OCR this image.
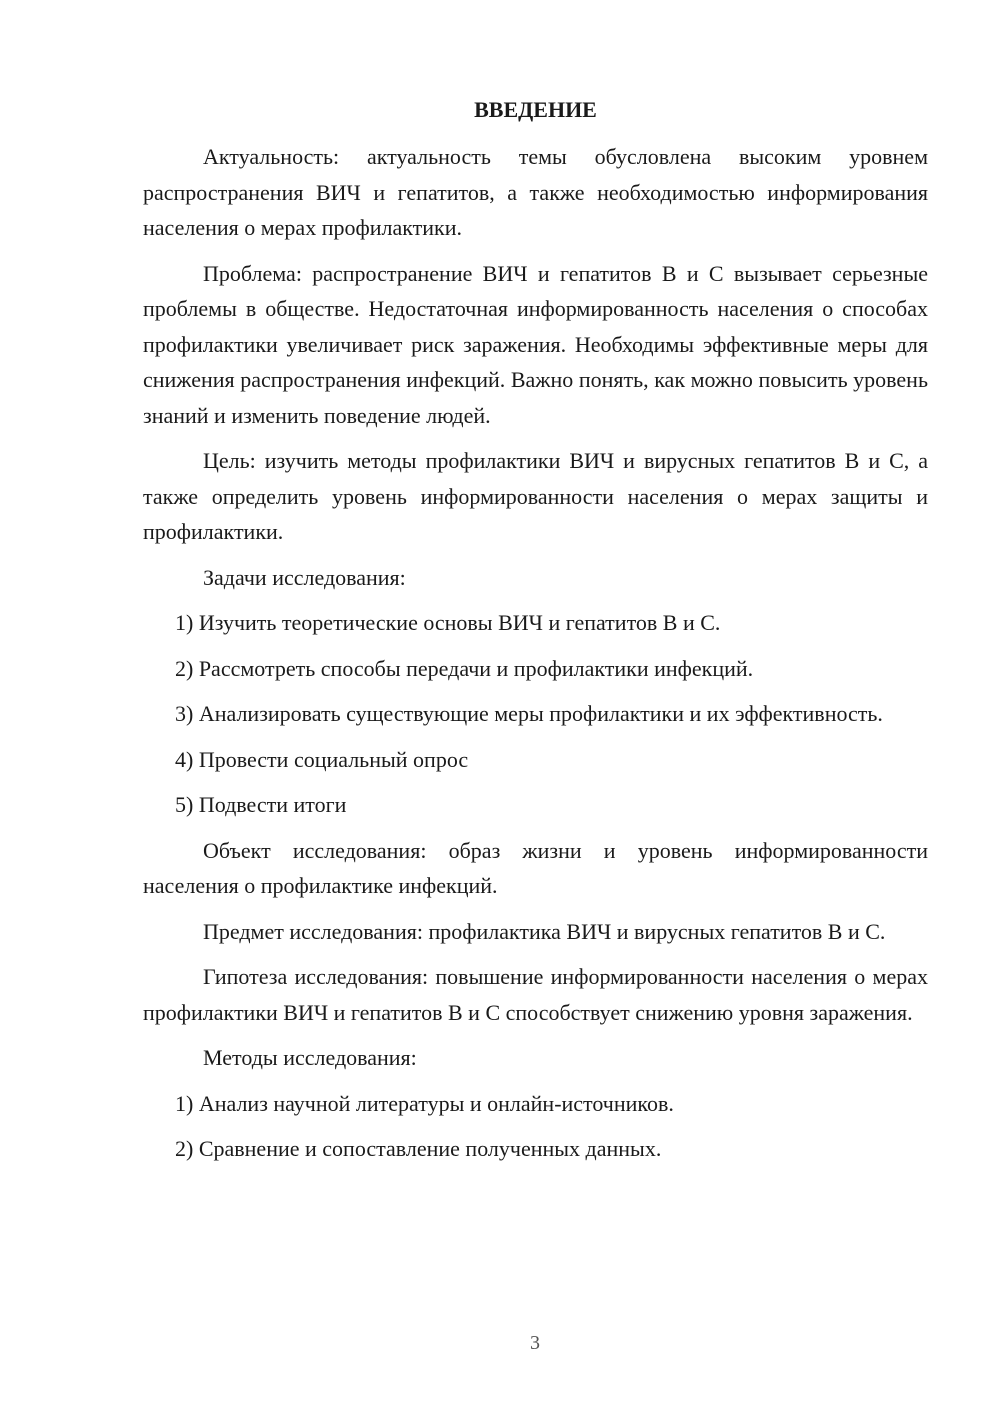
ВВЕДЕНИЕ

Актуальность: актуальность темы обусловлена высоким уровнем распространения ВИЧ и гепатитов, а также необходимостью информирования населения о мерах профилактики.

Проблема: распространение ВИЧ и гепатитов B и C вызывает серьезные проблемы в обществе. Недостаточная информированность населения о способах профилактики увеличивает риск заражения. Необходимы эффективные меры для снижения распространения инфекций. Важно понять, как можно повысить уровень знаний и изменить поведение людей.

Цель: изучить методы профилактики ВИЧ и вирусных гепатитов B и C, а также определить уровень информированности населения о мерах защиты и профилактики.

Задачи исследования:

1) Изучить теоретические основы ВИЧ и гепатитов B и C.

2) Рассмотреть способы передачи и профилактики инфекций.

3) Анализировать существующие меры профилактики и их эффективность.

4) Провести социальный опрос

5) Подвести итоги

Объект исследования: образ жизни и уровень информированности населения о профилактике инфекций.

Предмет исследования: профилактика ВИЧ и вирусных гепатитов B и C.

Гипотеза исследования: повышение информированности населения о мерах профилактики ВИЧ и гепатитов B и C способствует снижению уровня заражения.

Методы исследования:

1) Анализ научной литературы и онлайн-источников.

2) Сравнение и сопоставление полученных данных.

3
